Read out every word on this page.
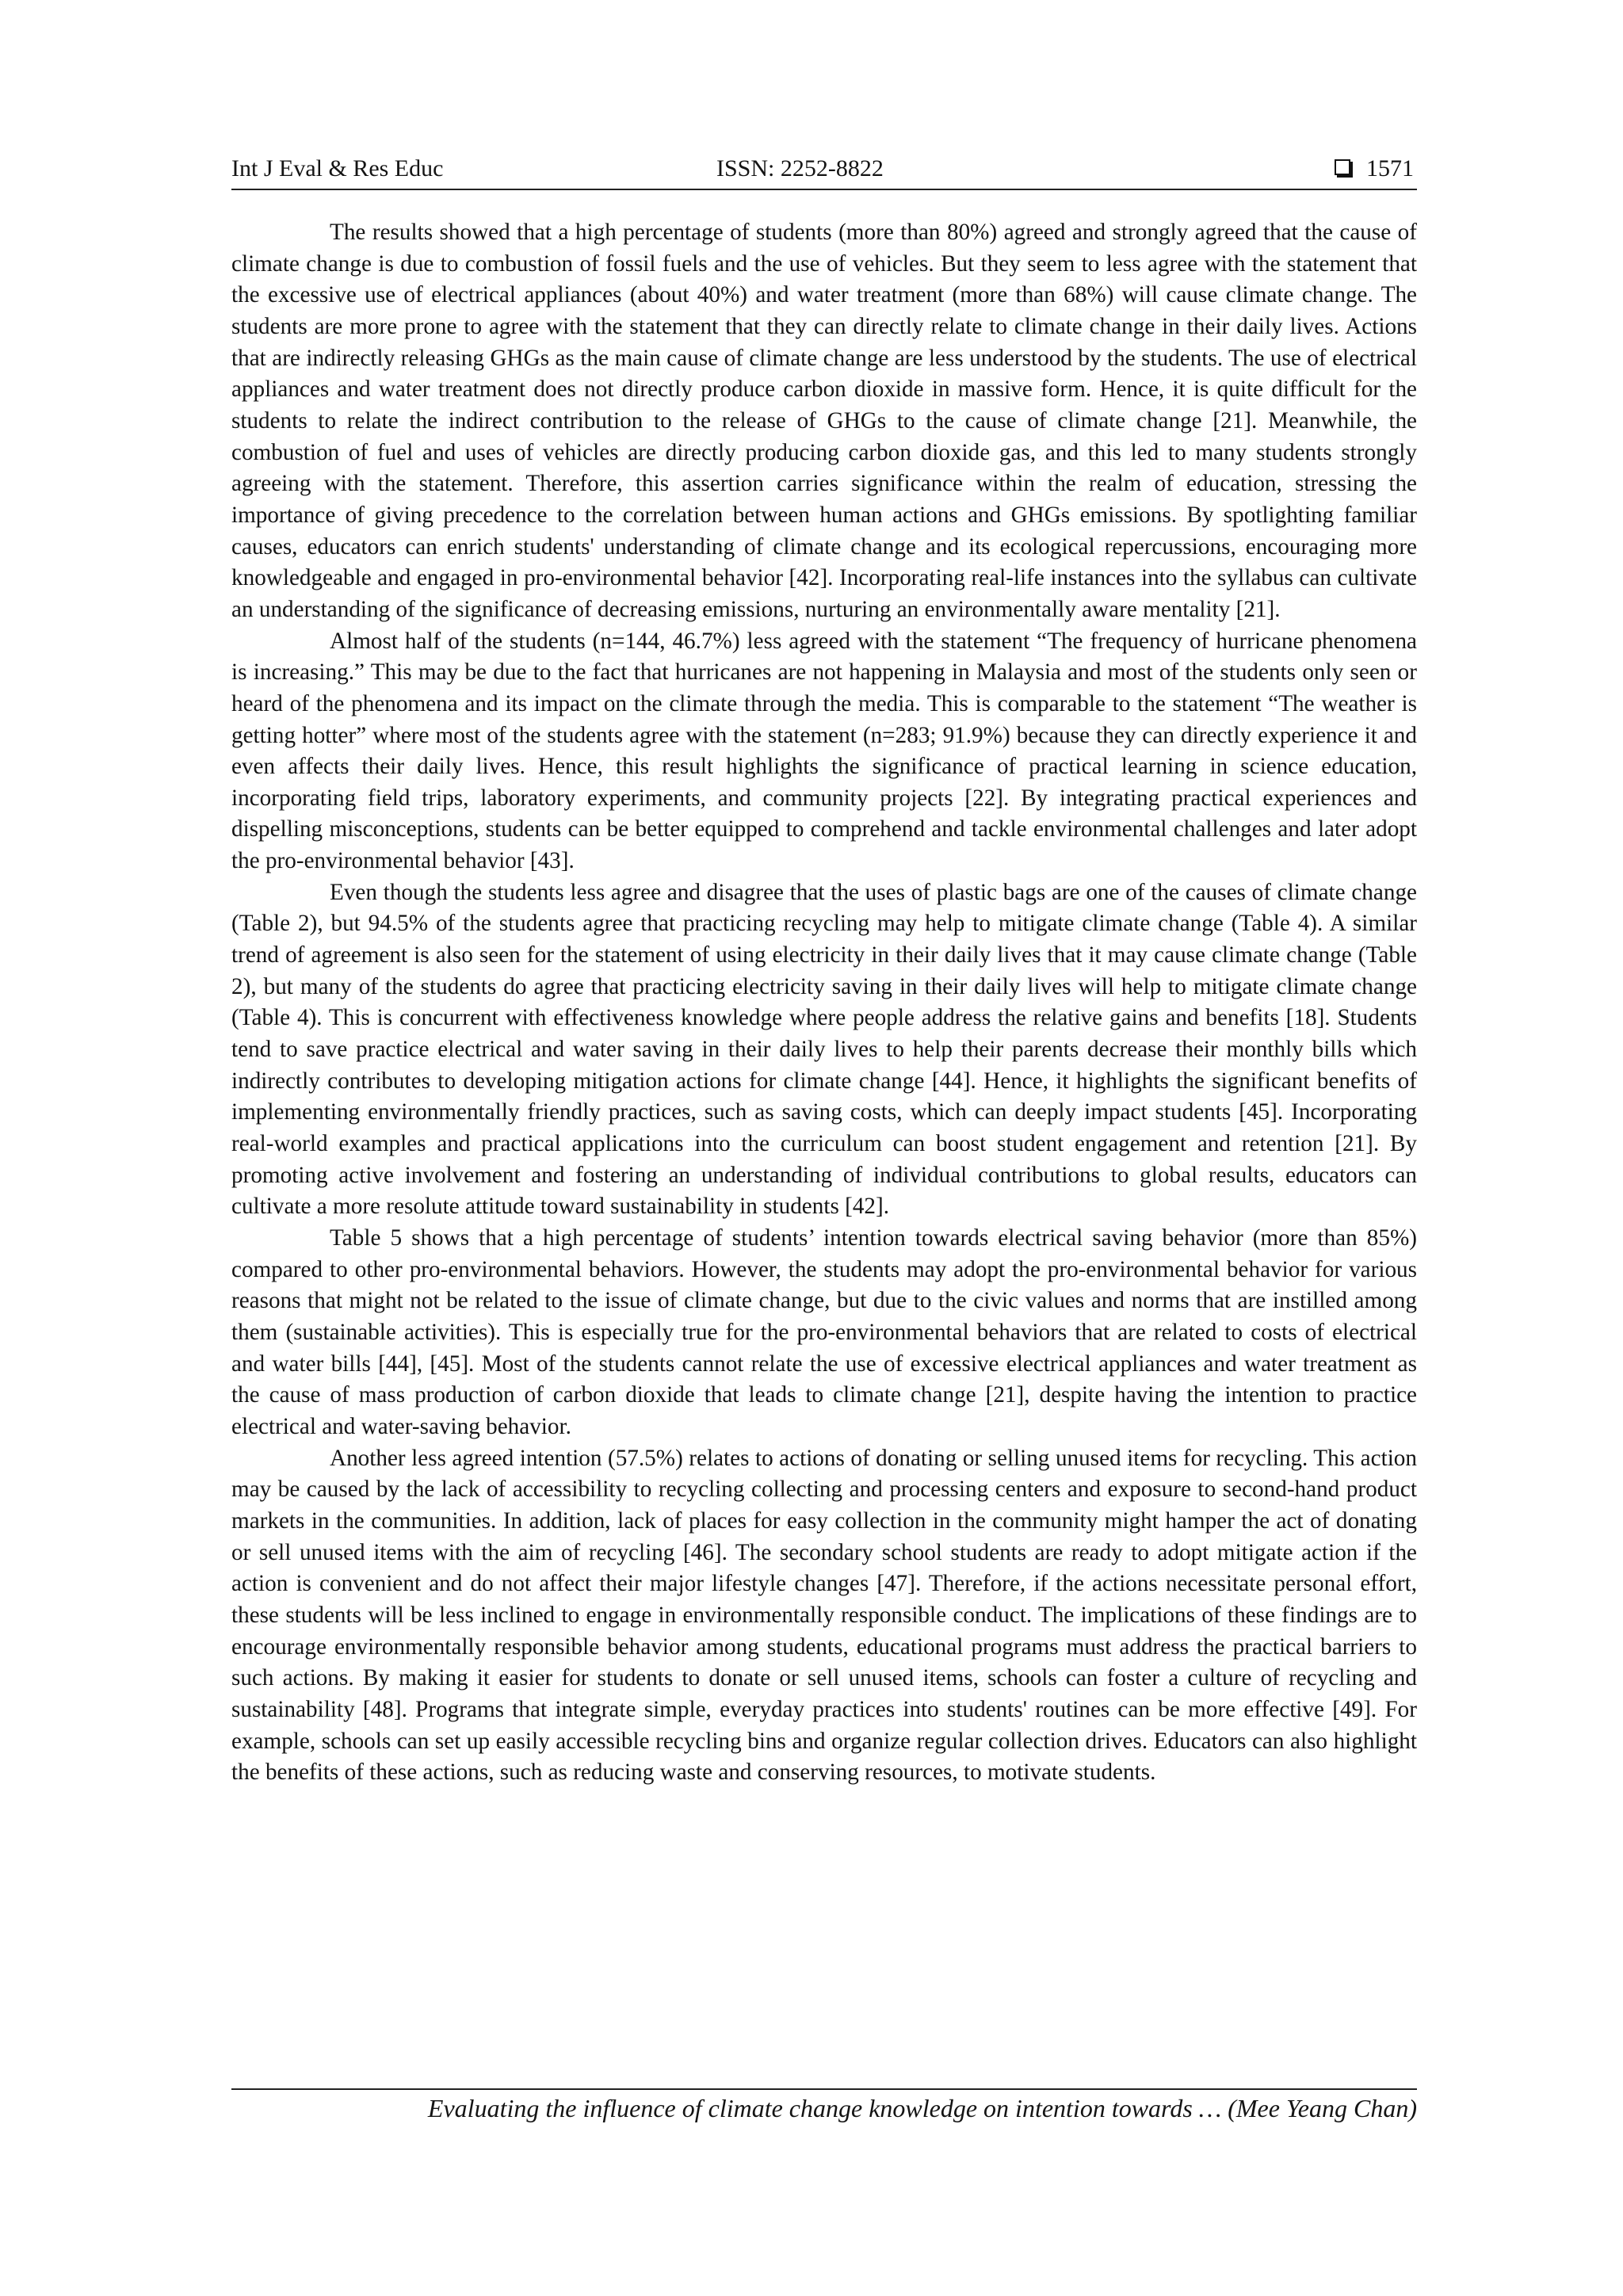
Int J Eval & Res Educ	ISSN: 2252-8822	1571

The results showed that a high percentage of students (more than 80%) agreed and strongly agreed that the cause of climate change is due to combustion of fossil fuels and the use of vehicles. But they seem to less agree with the statement that the excessive use of electrical appliances (about 40%) and water treatment (more than 68%) will cause climate change. The students are more prone to agree with the statement that they can directly relate to climate change in their daily lives. Actions that are indirectly releasing GHGs as the main cause of climate change are less understood by the students. The use of electrical appliances and water treatment does not directly produce carbon dioxide in massive form. Hence, it is quite difficult for the students to relate the indirect contribution to the release of GHGs to the cause of climate change [21]. Meanwhile, the combustion of fuel and uses of vehicles are directly producing carbon dioxide gas, and this led to many students strongly agreeing with the statement. Therefore, this assertion carries significance within the realm of education, stressing the importance of giving precedence to the correlation between human actions and GHGs emissions. By spotlighting familiar causes, educators can enrich students' understanding of climate change and its ecological repercussions, encouraging more knowledgeable and engaged in pro-environmental behavior [42]. Incorporating real-life instances into the syllabus can cultivate an understanding of the significance of decreasing emissions, nurturing an environmentally aware mentality [21].

Almost half of the students (n=144, 46.7%) less agreed with the statement “The frequency of hurricane phenomena is increasing.” This may be due to the fact that hurricanes are not happening in Malaysia and most of the students only seen or heard of the phenomena and its impact on the climate through the media. This is comparable to the statement “The weather is getting hotter” where most of the students agree with the statement (n=283; 91.9%) because they can directly experience it and even affects their daily lives. Hence, this result highlights the significance of practical learning in science education, incorporating field trips, laboratory experiments, and community projects [22]. By integrating practical experiences and dispelling misconceptions, students can be better equipped to comprehend and tackle environmental challenges and later adopt the pro-environmental behavior [43].

Even though the students less agree and disagree that the uses of plastic bags are one of the causes of climate change (Table 2), but 94.5% of the students agree that practicing recycling may help to mitigate climate change (Table 4). A similar trend of agreement is also seen for the statement of using electricity in their daily lives that it may cause climate change (Table 2), but many of the students do agree that practicing electricity saving in their daily lives will help to mitigate climate change (Table 4). This is concurrent with effectiveness knowledge where people address the relative gains and benefits [18]. Students tend to save practice electrical and water saving in their daily lives to help their parents decrease their monthly bills which indirectly contributes to developing mitigation actions for climate change [44]. Hence, it highlights the significant benefits of implementing environmentally friendly practices, such as saving costs, which can deeply impact students [45]. Incorporating real-world examples and practical applications into the curriculum can boost student engagement and retention [21]. By promoting active involvement and fostering an understanding of individual contributions to global results, educators can cultivate a more resolute attitude toward sustainability in students [42].

Table 5 shows that a high percentage of students’ intention towards electrical saving behavior (more than 85%) compared to other pro-environmental behaviors. However, the students may adopt the pro-environmental behavior for various reasons that might not be related to the issue of climate change, but due to the civic values and norms that are instilled among them (sustainable activities). This is especially true for the pro-environmental behaviors that are related to costs of electrical and water bills [44], [45]. Most of the students cannot relate the use of excessive electrical appliances and water treatment as the cause of mass production of carbon dioxide that leads to climate change [21], despite having the intention to practice electrical and water-saving behavior.

Another less agreed intention (57.5%) relates to actions of donating or selling unused items for recycling. This action may be caused by the lack of accessibility to recycling collecting and processing centers and exposure to second-hand product markets in the communities. In addition, lack of places for easy collection in the community might hamper the act of donating or sell unused items with the aim of recycling [46]. The secondary school students are ready to adopt mitigate action if the action is convenient and do not affect their major lifestyle changes [47]. Therefore, if the actions necessitate personal effort, these students will be less inclined to engage in environmentally responsible conduct. The implications of these findings are to encourage environmentally responsible behavior among students, educational programs must address the practical barriers to such actions. By making it easier for students to donate or sell unused items, schools can foster a culture of recycling and sustainability [48]. Programs that integrate simple, everyday practices into students' routines can be more effective [49]. For example, schools can set up easily accessible recycling bins and organize regular collection drives. Educators can also highlight the benefits of these actions, such as reducing waste and conserving resources, to motivate students.

Evaluating the influence of climate change knowledge on intention towards … (Mee Yeang Chan)
